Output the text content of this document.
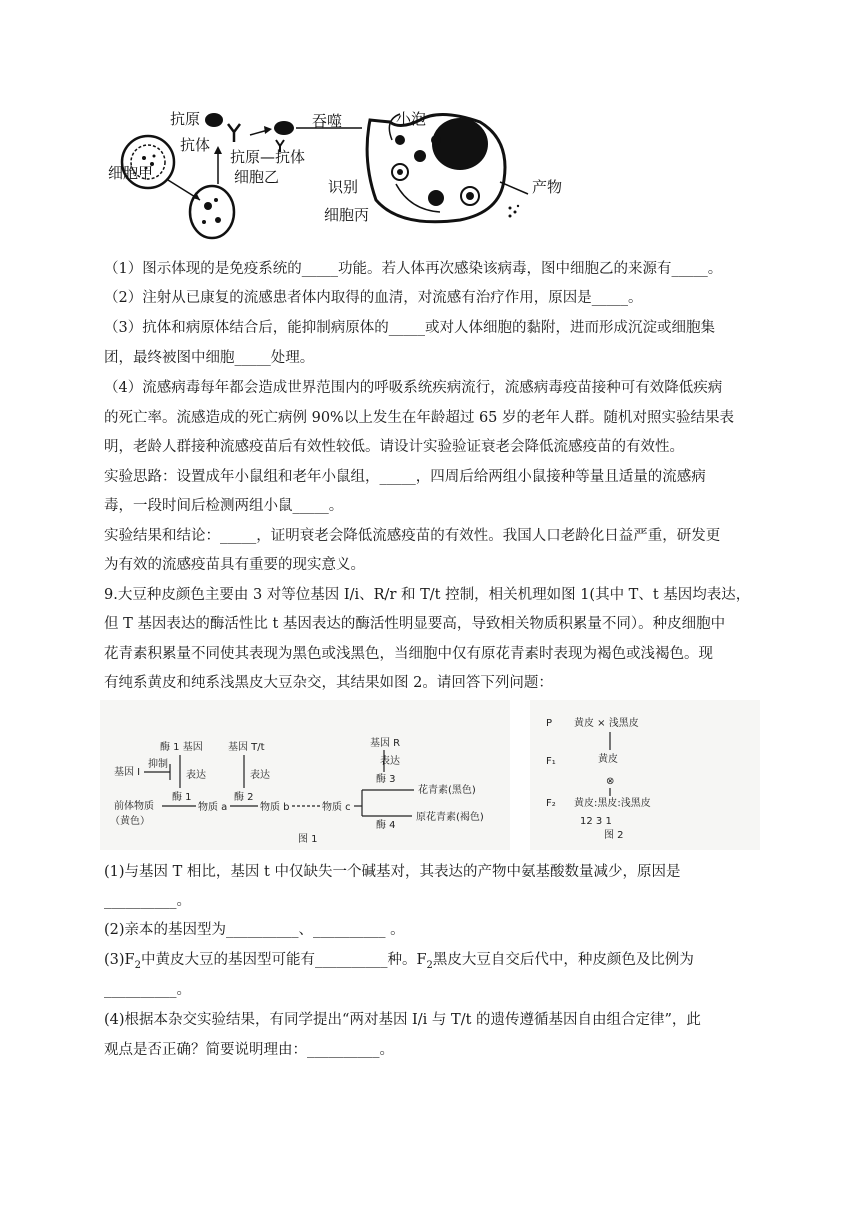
抗原
抗体
抗原—抗体
吞噬	小泡
识别	产物
细胞甲	细胞乙
细胞丙
（1）图示体现的是免疫系统的_____功能。若人体再次感染该病毒，图中细胞乙的来源有_____。
（2）注射从已康复的流感患者体内取得的血清，对流感有治疗作用，原因是_____。
（3）抗体和病原体结合后，能抑制病原体的_____或对人体细胞的黏附，进而形成沉淀或细胞集
团，最终被图中细胞_____处理。
（4）流感病毒每年都会造成世界范围内的呼吸系统疾病流行，流感病毒疫苗接种可有效降低疾病
的死亡率。流感造成的死亡病例 90%以上发生在年龄超过 65 岁的老年人群。随机对照实验结果表
明，老龄人群接种流感疫苗后有效性较低。请设计实验验证衰老会降低流感疫苗的有效性。
实验思路：设置成年小鼠组和老年小鼠组，_____，四周后给两组小鼠接种等量且适量的流感病
毒，一段时间后检测两组小鼠_____。
实验结果和结论：_____，证明衰老会降低流感疫苗的有效性。我国人口老龄化日益严重，研发更
为有效的流感疫苗具有重要的现实意义。
9.大豆种皮颜色主要由 3 对等位基因 I/i、R/r 和 T/t 控制，相关机理如图 1(其中 T、t 基因均表达，
但 T 基因表达的酶活性比 t 基因表达的酶活性明显要高，导致相关物质积累量不同）。种皮细胞中
花青素积累量不同使其表现为黑色或浅黑色，当细胞中仅有原花青素时表现为褐色或浅褐色。现
有纯系黄皮和纯系浅黑皮大豆杂交，其结果如图 2。请回答下列问题：
酶 1 基因	基因 T/t	基因 R
基因 I
抑制
表达	表达
表达
酶 1	酶 2
酶 3
酶 4
前体物质
（黄色）
物质 a	物质 b	物质 c
花青素(黑色)
原花青素(褐色)
图 1
P 黄皮 × 浅黑皮
F₁	黄皮
⊗
F₂ 黄皮:黑皮:浅黑皮
12 3 1
图 2
(1)与基因 T 相比，基因 t 中仅缺失一个碱基对，其表达的产物中氨基酸数量减少，原因是
__________。
(2)亲本的基因型为__________、__________ 。
$(3)F_2$中黄皮大豆的基因型可能有__________种。$F_2$黑皮大豆自交后代中，种皮颜色及比例为
__________。
(4)根据本杂交实验结果，有同学提出“两对基因 I/i 与 T/t 的遗传遵循基因自由组合定律”，此
观点是否正确？简要说明理由：__________。
